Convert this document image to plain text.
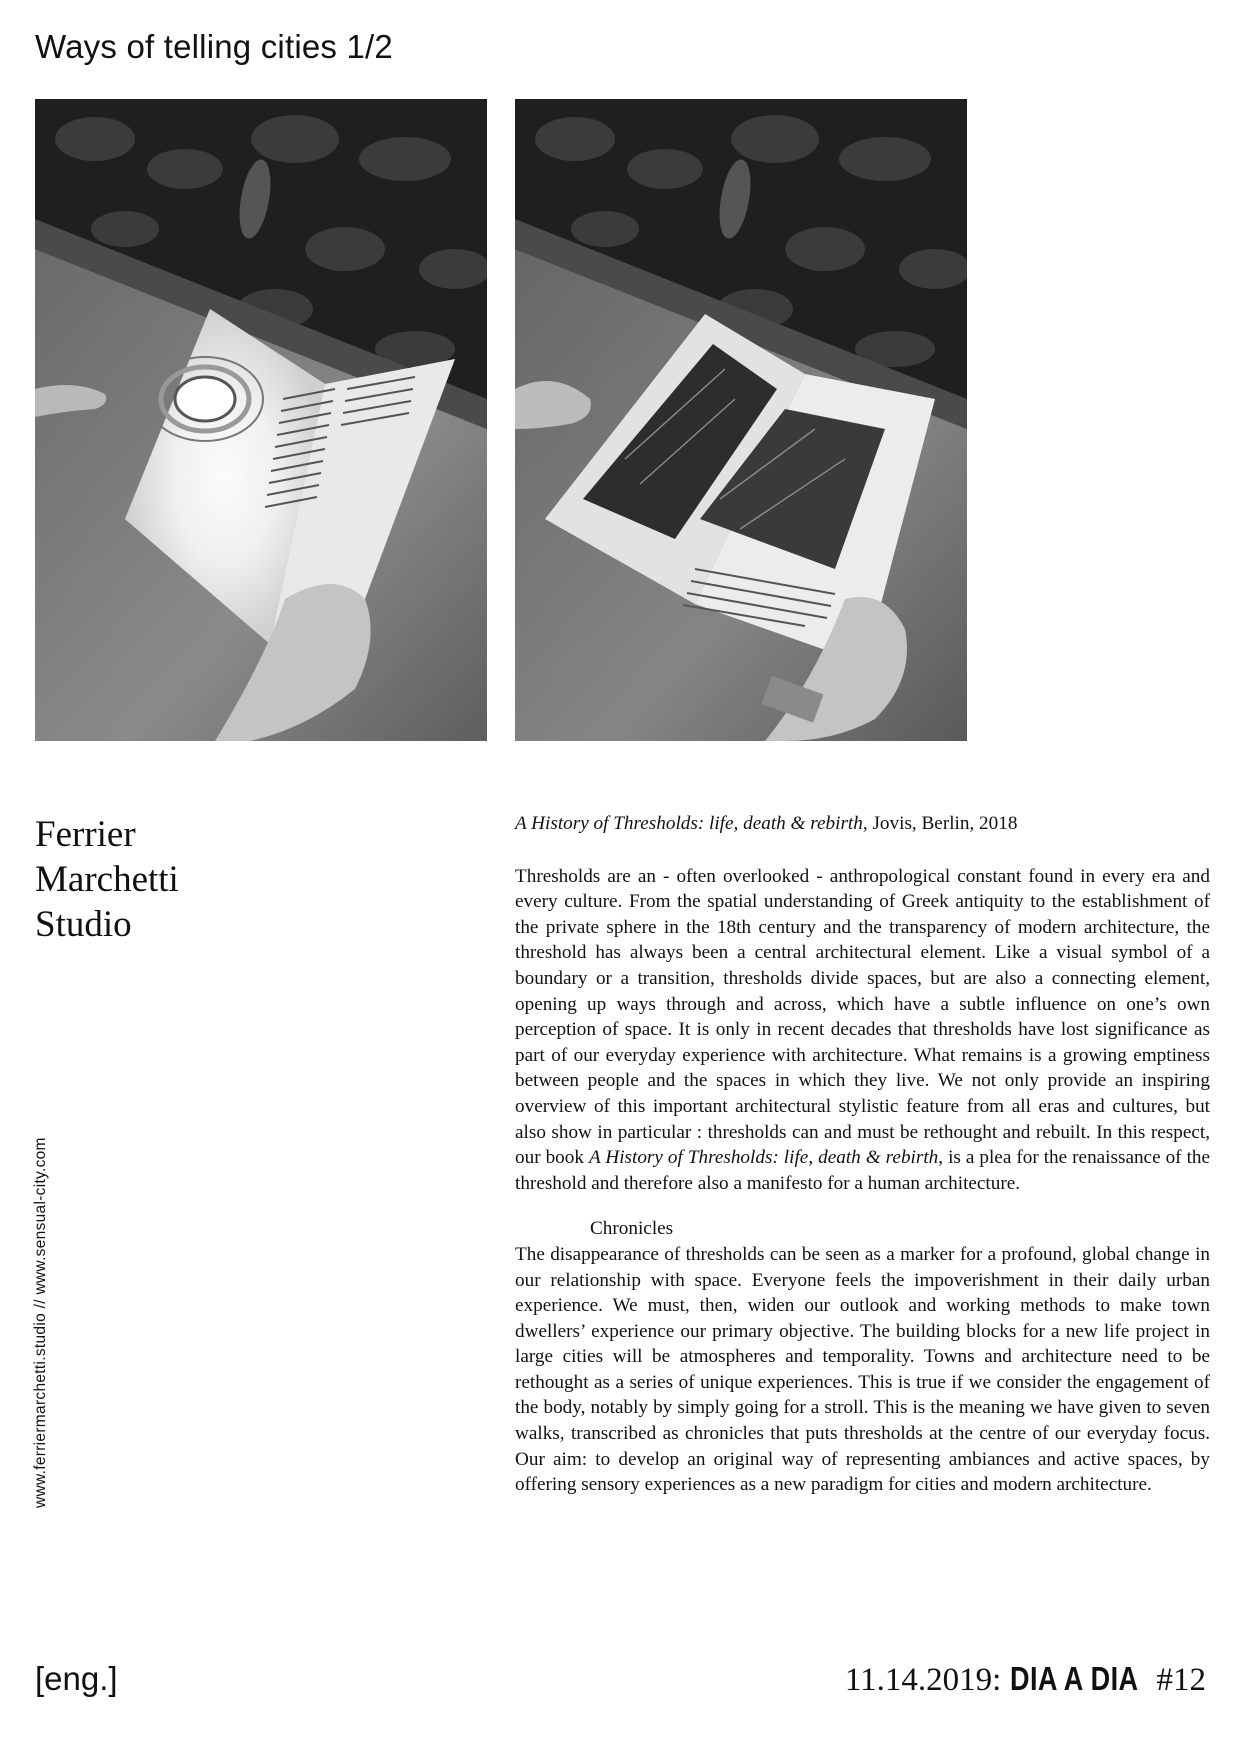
Ways of telling cities 1/2
Ferrier
Marchetti
Studio
www.ferriermarchetti.studio // www.sensual-city.com

A History of Thresholds: life, death & rebirth, Jovis, Berlin, 2018

Thresholds are an - often overlooked - anthropological constant found in every era and every culture. From the spatial understanding of Greek antiquity to the establishment of the private sphere in the 18th century and the transparency of modern architecture, the threshold has always been a central architectural element. Like a visual symbol of a boundary or a transition, thresholds divide spaces, but are also a connecting element, opening up ways through and across, which have a subtle influence on one’s own perception of space. It is only in recent decades that thresholds have lost significance as part of our everyday experience with architecture. What remains is a growing emptiness between people and the spaces in which they live. We not only provide an inspiring overview of this important architectural stylistic feature from all eras and cultures, but also show in particular : thresholds can and must be rethought and rebuilt. In this respect, our book A History of Thresholds: life, death & rebirth, is a plea for the renaissance of the threshold and therefore also a manifesto for a human architecture.

Chronicles

The disappearance of thresholds can be seen as a marker for a profound, global change in our relationship with space. Everyone feels the impoverishment in their daily urban experience. We must, then, widen our outlook and working methods to make town dwellers’ experience our primary objective. The building blocks for a new life project in large cities will be atmospheres and temporality. Towns and architecture need to be rethought as a series of unique experiences. This is true if we consider the engagement of the body, notably by simply going for a stroll. This is the meaning we have given to seven walks, transcribed as chronicles that puts thresholds at the centre of our everyday focus. Our aim: to develop an original way of representing ambiances and active spaces, by offering sensory experiences as a new paradigm for cities and modern architecture.

[eng.]	11.14.2019: DIA A DIA #12
